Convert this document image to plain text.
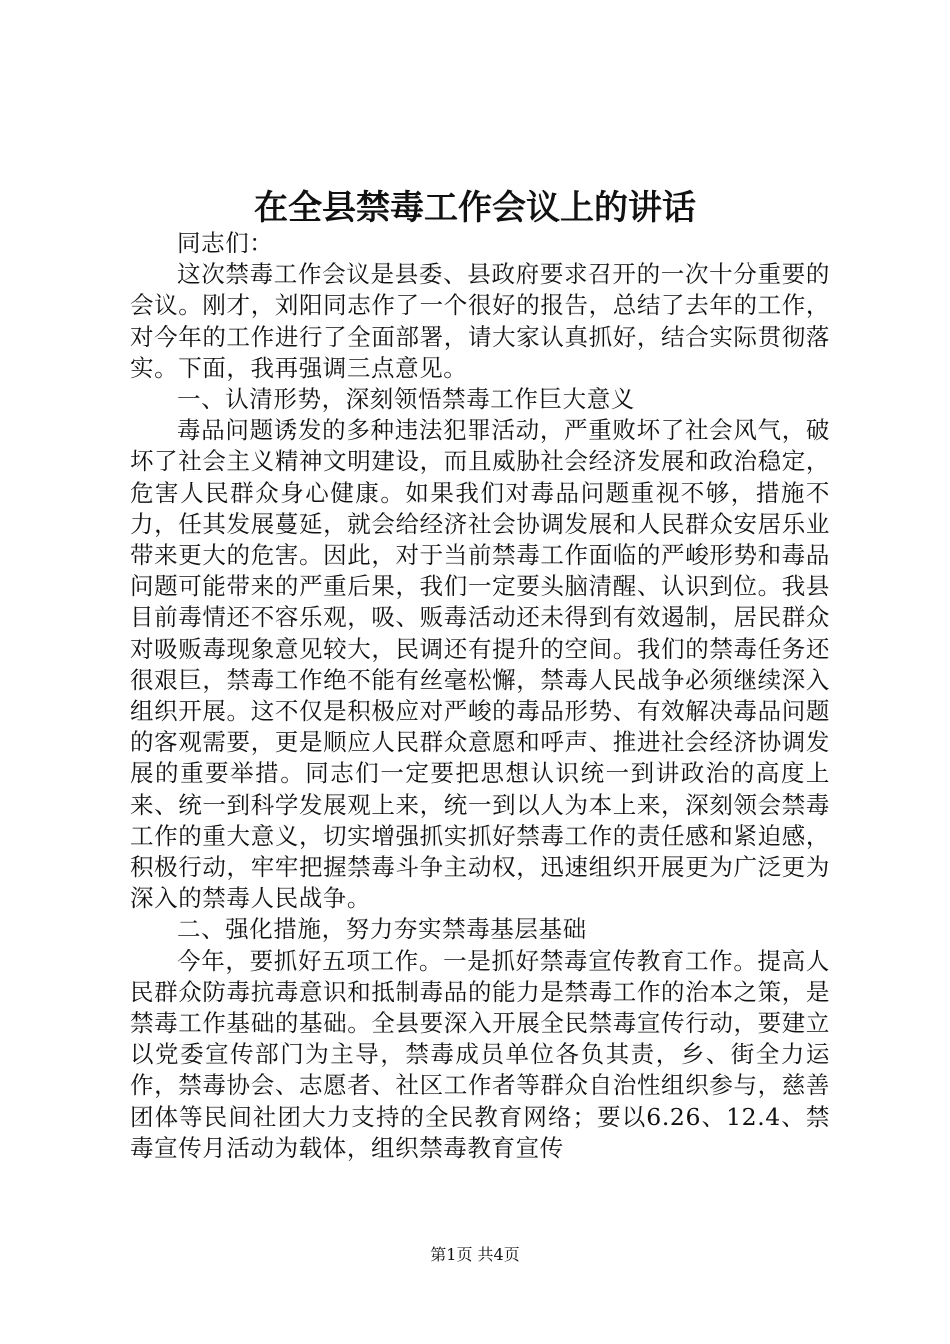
在全县禁毒工作会议上的讲话

同志们：

这次禁毒工作会议是县委、县政府要求召开的一次十分重要的会议。刚才，刘阳同志作了一个很好的报告，总结了去年的工作，对今年的工作进行了全面部署，请大家认真抓好，结合实际贯彻落实。下面，我再强调三点意见。

一、认清形势，深刻领悟禁毒工作巨大意义

毒品问题诱发的多种违法犯罪活动，严重败坏了社会风气，破坏了社会主义精神文明建设，而且威胁社会经济发展和政治稳定，危害人民群众身心健康。如果我们对毒品问题重视不够，措施不力，任其发展蔓延，就会给经济社会协调发展和人民群众安居乐业带来更大的危害。因此，对于当前禁毒工作面临的严峻形势和毒品问题可能带来的严重后果，我们一定要头脑清醒、认识到位。我县目前毒情还不容乐观，吸、贩毒活动还未得到有效遏制，居民群众对吸贩毒现象意见较大，民调还有提升的空间。我们的禁毒任务还很艰巨，禁毒工作绝不能有丝毫松懈，禁毒人民战争必须继续深入组织开展。这不仅是积极应对严峻的毒品形势、有效解决毒品问题的客观需要，更是顺应人民群众意愿和呼声、推进社会经济协调发展的重要举措。同志们一定要把思想认识统一到讲政治的高度上来、统一到科学发展观上来，统一到以人为本上来，深刻领会禁毒工作的重大意义，切实增强抓实抓好禁毒工作的责任感和紧迫感，积极行动，牢牢把握禁毒斗争主动权，迅速组织开展更为广泛更为深入的禁毒人民战争。

二、强化措施，努力夯实禁毒基层基础

今年，要抓好五项工作。一是抓好禁毒宣传教育工作。提高人民群众防毒抗毒意识和抵制毒品的能力是禁毒工作的治本之策，是禁毒工作基础的基础。全县要深入开展全民禁毒宣传行动，要建立以党委宣传部门为主导，禁毒成员单位各负其责，乡、街全力运作，禁毒协会、志愿者、社区工作者等群众自治性组织参与，慈善团体等民间社团大力支持的全民教育网络；要以6.26、12.4、禁毒宣传月活动为载体，组织禁毒教育宣传

第1页 共4页
